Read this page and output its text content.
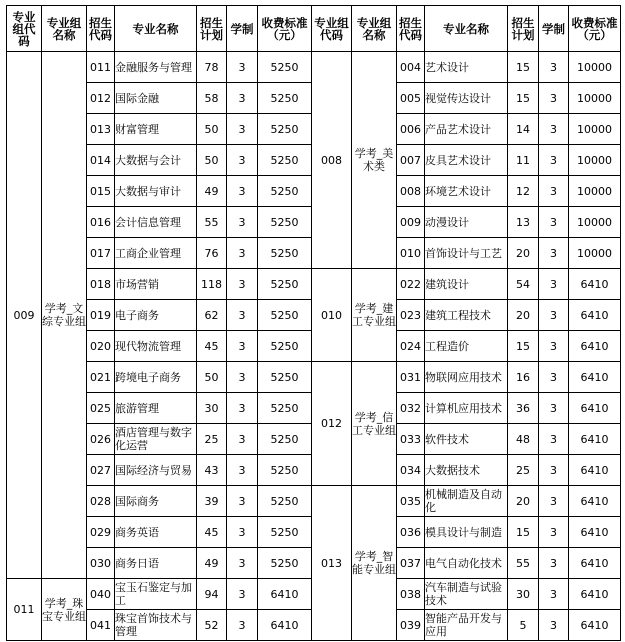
专业组代码	专业组名称	招生代码	专业名称	招生计划	学制	收费标准（元）	专业组代码	专业组名称	招生代码	专业名称	招生计划	学制	收费标准（元）
009	学考_文综专业组	011	金融服务与管理	78	3	5250	008	学考_美术类	004	艺术设计	15	3	10000
		012	国际金融	58	3	5250			005	视觉传达设计	15	3	10000
		013	财富管理	50	3	5250			006	产品艺术设计	14	3	10000
		014	大数据与会计	50	3	5250			007	皮具艺术设计	11	3	10000
		015	大数据与审计	49	3	5250			008	环境艺术设计	12	3	10000
		016	会计信息管理	55	3	5250			009	动漫设计	13	3	10000
		017	工商企业管理	76	3	5250			010	首饰设计与工艺	20	3	10000
		018	市场营销	118	3	5250	010	学考_建工专业组	022	建筑设计	54	3	6410
		019	电子商务	62	3	5250			023	建筑工程技术	20	3	6410
		020	现代物流管理	45	3	5250			024	工程造价	15	3	6410
		021	跨境电子商务	50	3	5250	012	学考_信工专业组	031	物联网应用技术	16	3	6410
		025	旅游管理	30	3	5250			032	计算机应用技术	36	3	6410
		026	酒店管理与数字化运营	25	3	5250			033	软件技术	48	3	6410
		027	国际经济与贸易	43	3	5250			034	大数据技术	25	3	6410
		028	国际商务	39	3	5250	013	学考_智能专业组	035	机械制造及自动化	20	3	6410
		029	商务英语	45	3	5250			036	模具设计与制造	15	3	6410
		030	商务日语	49	3	5250			037	电气自动化技术	55	3	6410
011	学考_珠宝专业组	040	宝玉石鉴定与加工	94	3	6410			038	汽车制造与试验技术	30	3	6410
		041	珠宝首饰技术与管理	52	3	6410			039	智能产品开发与应用	5	3	6410
